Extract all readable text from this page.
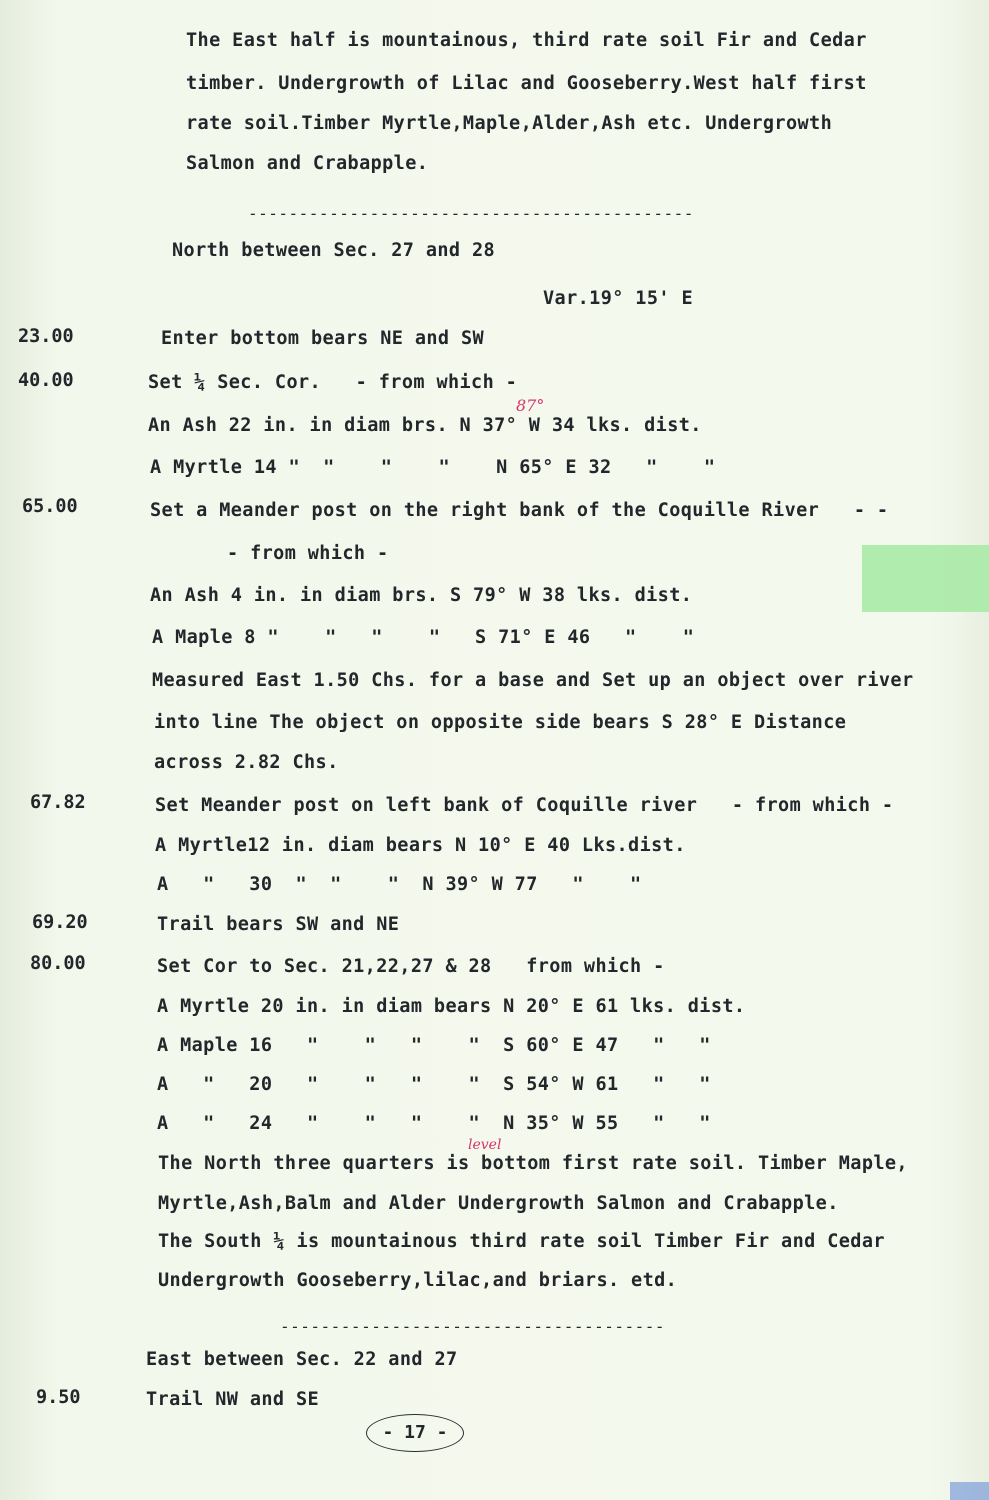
The East half is mountainous, third rate soil Fir and Cedar
timber. Undergrowth of Lilac and Gooseberry.West half first
rate soil.Timber Myrtle,Maple,Alder,Ash etc. Undergrowth
Salmon and Crabapple.
--------------------------------------------
North between Sec. 27 and 28
Var.19° 15' E
23.00	Enter bottom bears NE and SW
40.00	Set ¼ Sec. Cor.   - from which -
87°
An Ash 22 in. in diam brs. N 37° W 34 lks. dist.
A Myrtle 14 "  "    "    "    N 65° E 32   "    "
65.00	Set a Meander post on the right bank of the Coquille River   - -
- from which -
An Ash 4 in. in diam brs. S 79° W 38 lks. dist.
A Maple 8 "    "   "    "   S 71° E 46   "    "
Measured East 1.50 Chs. for a base and Set up an object over river
into line The object on opposite side bears S 28° E Distance
across 2.82 Chs.
67.82	Set Meander post on left bank of Coquille river   - from which -
A Myrtle12 in. diam bears N 10° E 40 Lks.dist.
A   "   30  "  "    "  N 39° W 77   "    "
69.20	Trail bears SW and NE
80.00	Set Cor to Sec. 21,22,27 & 28   from which -
A Myrtle 20 in. in diam bears N 20° E 61 lks. dist.
A Maple 16   "    "   "    "  S 60° E 47   "   "
A   "   20   "    "   "    "  S 54° W 61   "   "
A   "   24   "    "   "    "  N 35° W 55   "   "
level
The North three quarters is bottom first rate soil. Timber Maple,
Myrtle,Ash,Balm and Alder Undergrowth Salmon and Crabapple.
The South ¼ is mountainous third rate soil Timber Fir and Cedar
Undergrowth Gooseberry,lilac,and briars. etd.
--------------------------------------
East between Sec. 22 and 27
9.50	Trail NW and SE
- 17 -
